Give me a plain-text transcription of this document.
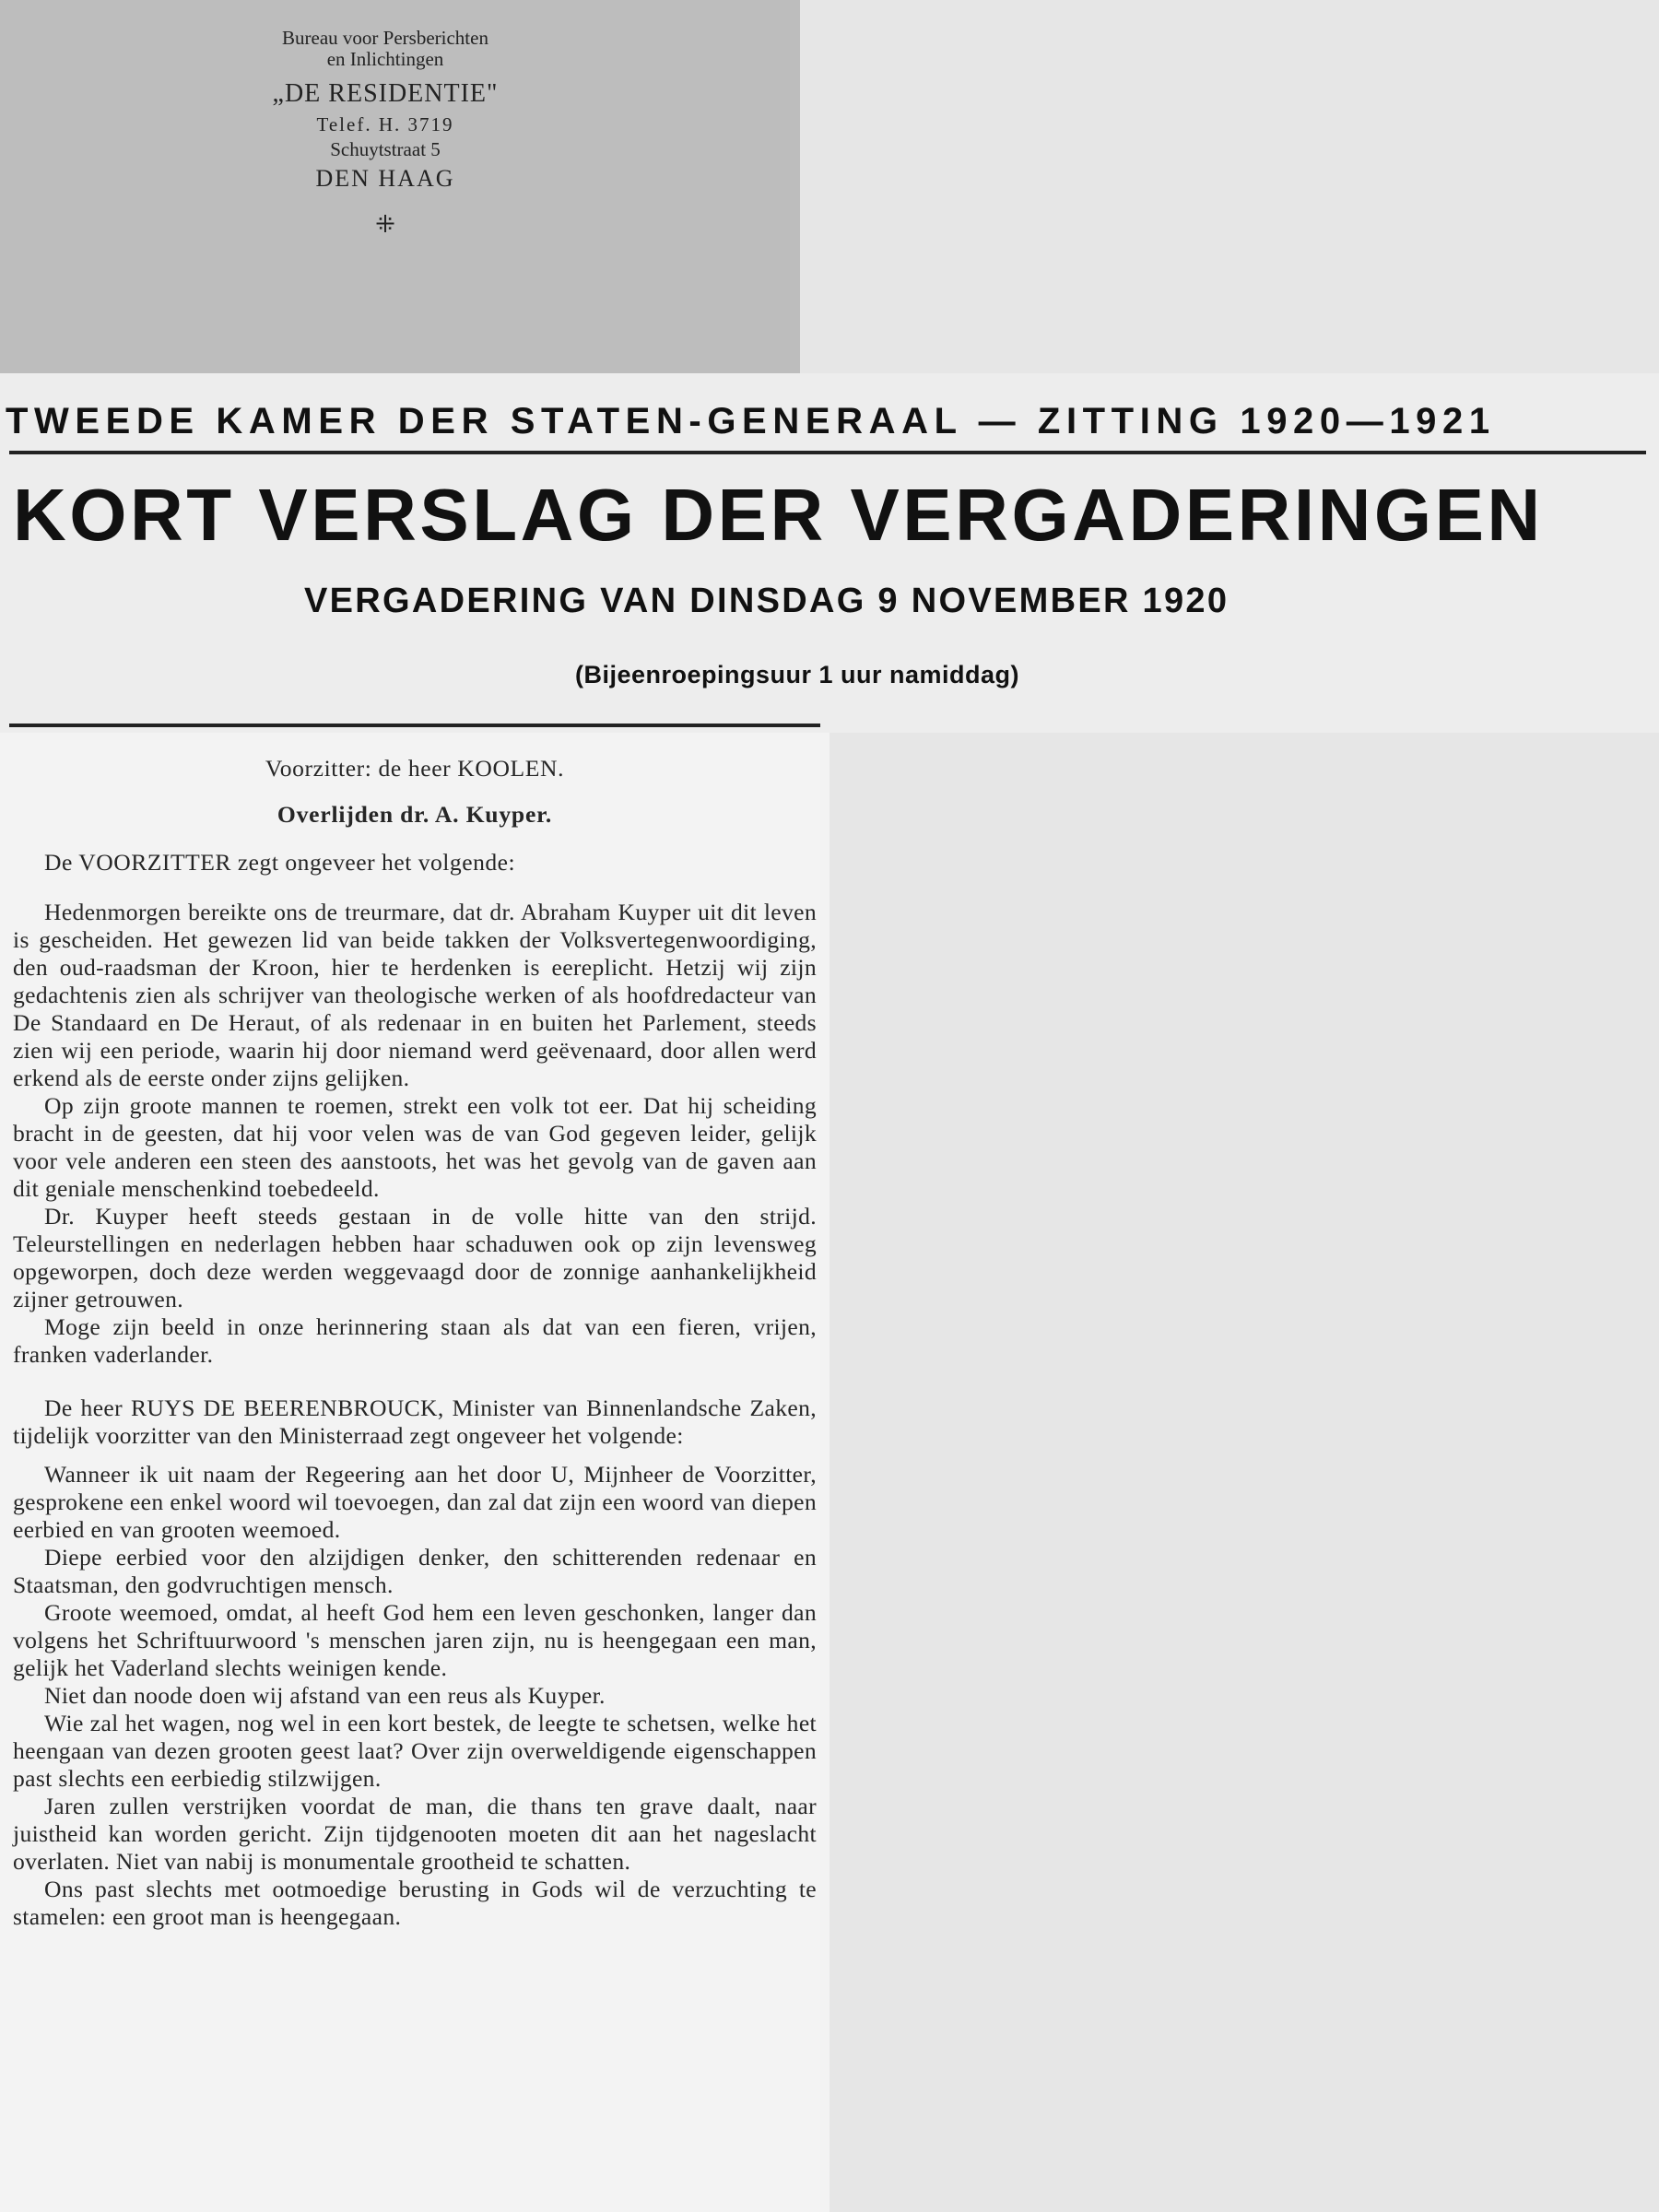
Bureau voor Persberichten
en Inlichtingen
„DE RESIDENTIE"
Telef. H. 3719
Schuytstraat 5
DEN HAAG
⁜
TWEEDE KAMER DER STATEN-GENERAAL — ZITTING 1920—1921
KORT VERSLAG DER VERGADERINGEN
VERGADERING VAN DINSDAG 9 NOVEMBER 1920
(Bijeenroepingsuur 1 uur namiddag)

Voorzitter: de heer KOOLEN.

Overlijden dr. A. Kuyper.

De VOORZITTER zegt ongeveer het volgende:

Hedenmorgen bereikte ons de treurmare, dat dr. Abraham Kuyper uit dit leven is gescheiden. Het gewezen lid van beide takken der Volksvertegenwoordiging, den oud-raadsman der Kroon, hier te herdenken is eereplicht. Hetzij wij zijn gedachtenis zien als schrijver van theologische werken of als hoofdredacteur van De Standaard en De Heraut, of als redenaar in en buiten het Parlement, steeds zien wij een periode, waarin hij door niemand werd geëvenaard, door allen werd erkend als de eerste onder zijns gelijken.

Op zijn groote mannen te roemen, strekt een volk tot eer. Dat hij scheiding bracht in de geesten, dat hij voor velen was de van God gegeven leider, gelijk voor vele anderen een steen des aanstoots, het was het gevolg van de gaven aan dit geniale menschenkind toebedeeld.

Dr. Kuyper heeft steeds gestaan in de volle hitte van den strijd. Teleurstellingen en nederlagen hebben haar schaduwen ook op zijn levensweg opgeworpen, doch deze werden weggevaagd door de zonnige aanhankelijkheid zijner getrouwen.

Moge zijn beeld in onze herinnering staan als dat van een fieren, vrijen, franken vaderlander.

De heer RUYS DE BEERENBROUCK, Minister van Binnenlandsche Zaken, tijdelijk voorzitter van den Ministerraad zegt ongeveer het volgende:

Wanneer ik uit naam der Regeering aan het door U, Mijnheer de Voorzitter, gesprokene een enkel woord wil toevoegen, dan zal dat zijn een woord van diepen eerbied en van grooten weemoed.

Diepe eerbied voor den alzijdigen denker, den schitterenden redenaar en Staatsman, den godvruchtigen mensch.

Groote weemoed, omdat, al heeft God hem een leven geschonken, langer dan volgens het Schriftuurwoord 's menschen jaren zijn, nu is heengegaan een man, gelijk het Vaderland slechts weinigen kende.

Niet dan noode doen wij afstand van een reus als Kuyper.

Wie zal het wagen, nog wel in een kort bestek, de leegte te schetsen, welke het heengaan van dezen grooten geest laat? Over zijn overweldigende eigenschappen past slechts een eerbiedig stilzwijgen.

Jaren zullen verstrijken voordat de man, die thans ten grave daalt, naar juistheid kan worden gericht. Zijn tijdgenooten moeten dit aan het nageslacht overlaten. Niet van nabij is monumentale grootheid te schatten.

Ons past slechts met ootmoedige berusting in Gods wil de verzuchting te stamelen: een groot man is heengegaan.
